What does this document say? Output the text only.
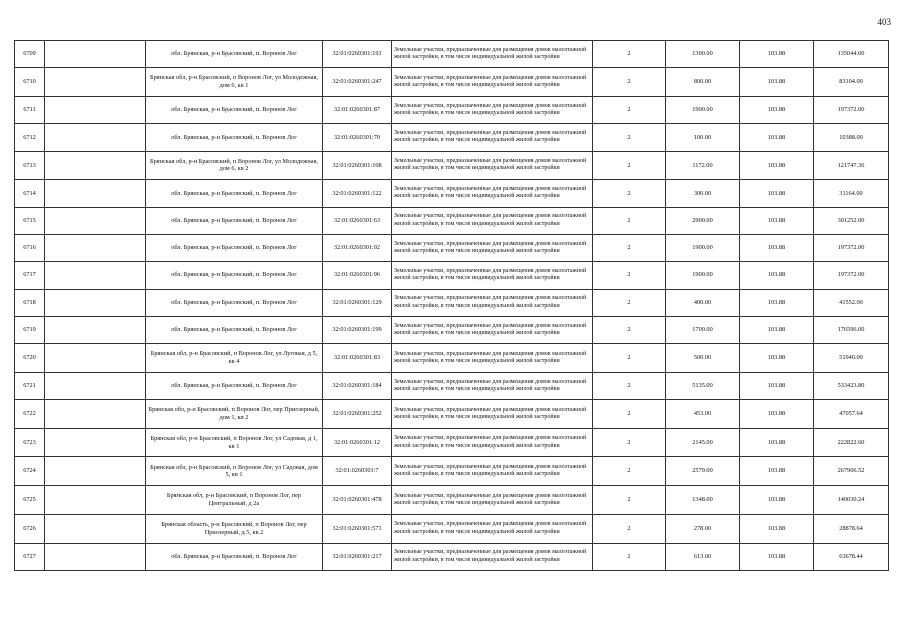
403
6709		обл. Брянская, р-н Брасовский, п. Воронов Лог	32:01:0260301:191	Земельные участки, предназначенные для размещения домов малоэтажной жилой застройки, в том числе индивидуальной жилой застройки	2	1300.00	103.88	135044.00
6710		Брянская обл, р-н Брасовский, п Воронов Лог, ул Молодежная, дом 6, кв 1	32:01:0260301:247	Земельные участки, предназначенные для размещения домов малоэтажной жилой застройки, в том числе индивидуальной жилой застройки	2	800.00	103.88	83104.00
6711		обл. Брянская, р-н Брасовский, п. Воронов Лог	32:01:0260301:87	Земельные участки, предназначенные для размещения домов малоэтажной жилой застройки, в том числе индивидуальной жилой застройки	2	1900.00	103.88	197372.00
6712		обл. Брянская, р-н Брасовский, п. Воронов Лог	32:01:0260301:70	Земельные участки, предназначенные для размещения домов малоэтажной жилой застройки, в том числе индивидуальной жилой застройки	2	100.00	103.88	10388.00
6713		Брянская обл, р-н Брасовский, п Воронов Лог, ул Молодежная, дом 6, кв 2	32:01:0260301:108	Земельные участки, предназначенные для размещения домов малоэтажной жилой застройки, в том числе индивидуальной жилой застройки	2	1172.00	103.88	121747.36
6714		обл. Брянская, р-н Брасовский, п. Воронов Лог	32:01:0260301:122	Земельные участки, предназначенные для размещения домов малоэтажной жилой застройки, в том числе индивидуальной жилой застройки	2	300.00	103.88	31164.00
6715		обл. Брянская, р-н Брасовский, п. Воронов Лог	32:01:0260301:63	Земельные участки, предназначенные для размещения домов малоэтажной жилой застройки, в том числе индивидуальной жилой застройки	2	2900.00	103.88	301252.00
6716		обл. Брянская, р-н Брасовский, п. Воронов Лог	32:01:0260301:92	Земельные участки, предназначенные для размещения домов малоэтажной жилой застройки, в том числе индивидуальной жилой застройки	2	1900.00	103.88	197372.00
6717		обл. Брянская, р-н Брасовский, п. Воронов Лог	32:01:0260301:96	Земельные участки, предназначенные для размещения домов малоэтажной жилой застройки, в том числе индивидуальной жилой застройки	2	1900.00	103.88	197372.00
6718		обл. Брянская, р-н Брасовский, п. Воронов Лог	32:01:0260301:129	Земельные участки, предназначенные для размещения домов малоэтажной жилой застройки, в том числе индивидуальной жилой застройки	2	400.00	103.88	41552.00
6719		обл. Брянская, р-н Брасовский, п. Воронов Лог	32:01:0260301:199	Земельные участки, предназначенные для размещения домов малоэтажной жилой застройки, в том числе индивидуальной жилой застройки	2	1700.00	103.88	176596.00
6720		Брянская обл, р-н Брасовский, п Воронов Лог, ул Луговая, д 5, кв 4	32:01:0260301:83	Земельные участки, предназначенные для размещения домов малоэтажной жилой застройки, в том числе индивидуальной жилой застройки	2	500.00	103.88	51940.00
6721		обл. Брянская, р-н Брасовский, п. Воронов Лог	32:01:0260301:184	Земельные участки, предназначенные для размещения домов малоэтажной жилой застройки, в том числе индивидуальной жилой застройки	2	5135.00	103.88	533423.80
6722		Брянская обл, р-н Брасовский, п Воронов Лог, пер Приозерный, дом 1, кв 2	32:01:0260301:252	Земельные участки, предназначенные для размещения домов малоэтажной жилой застройки, в том числе индивидуальной жилой застройки	2	453.00	103.88	47057.64
6723		Брянская обл, р-н Брасовский, п Воронов Лог, ул Садовая, д 1, кв 1	32:01:0260301:12	Земельные участки, предназначенные для размещения домов малоэтажной жилой застройки, в том числе индивидуальной жилой застройки	2	2145.00	103.88	222822.60
6724		Брянская обл, р-н Брасовский, п Воронов Лог, ул Садовая, дом 5, кв 1	32:01:0260301:7	Земельные участки, предназначенные для размещения домов малоэтажной жилой застройки, в том числе индивидуальной жилой застройки	2	2579.00	103.88	267906.52
6725		Брянская обл, р-н Брасовский, п Воронов Лог, пер Центральный, д 2а	32:01:0260301:478	Земельные участки, предназначенные для размещения домов малоэтажной жилой застройки, в том числе индивидуальной жилой застройки	2	1348.00	103.88	140030.24
6726		Брянская область, р-н Брасовский, п Воронов Лог, пер Приозерный, д 5, кв 2	32:01:0260301:571	Земельные участки, предназначенные для размещения домов малоэтажной жилой застройки, в том числе индивидуальной жилой застройки	2	278.00	103.88	28878.64
6727		обл. Брянская, р-н Брасовский, п. Воронов Лог	32:01:0260301:217	Земельные участки, предназначенные для размещения домов малоэтажной жилой застройки, в том числе индивидуальной жилой застройки	2	613.00	103.88	63678.44
